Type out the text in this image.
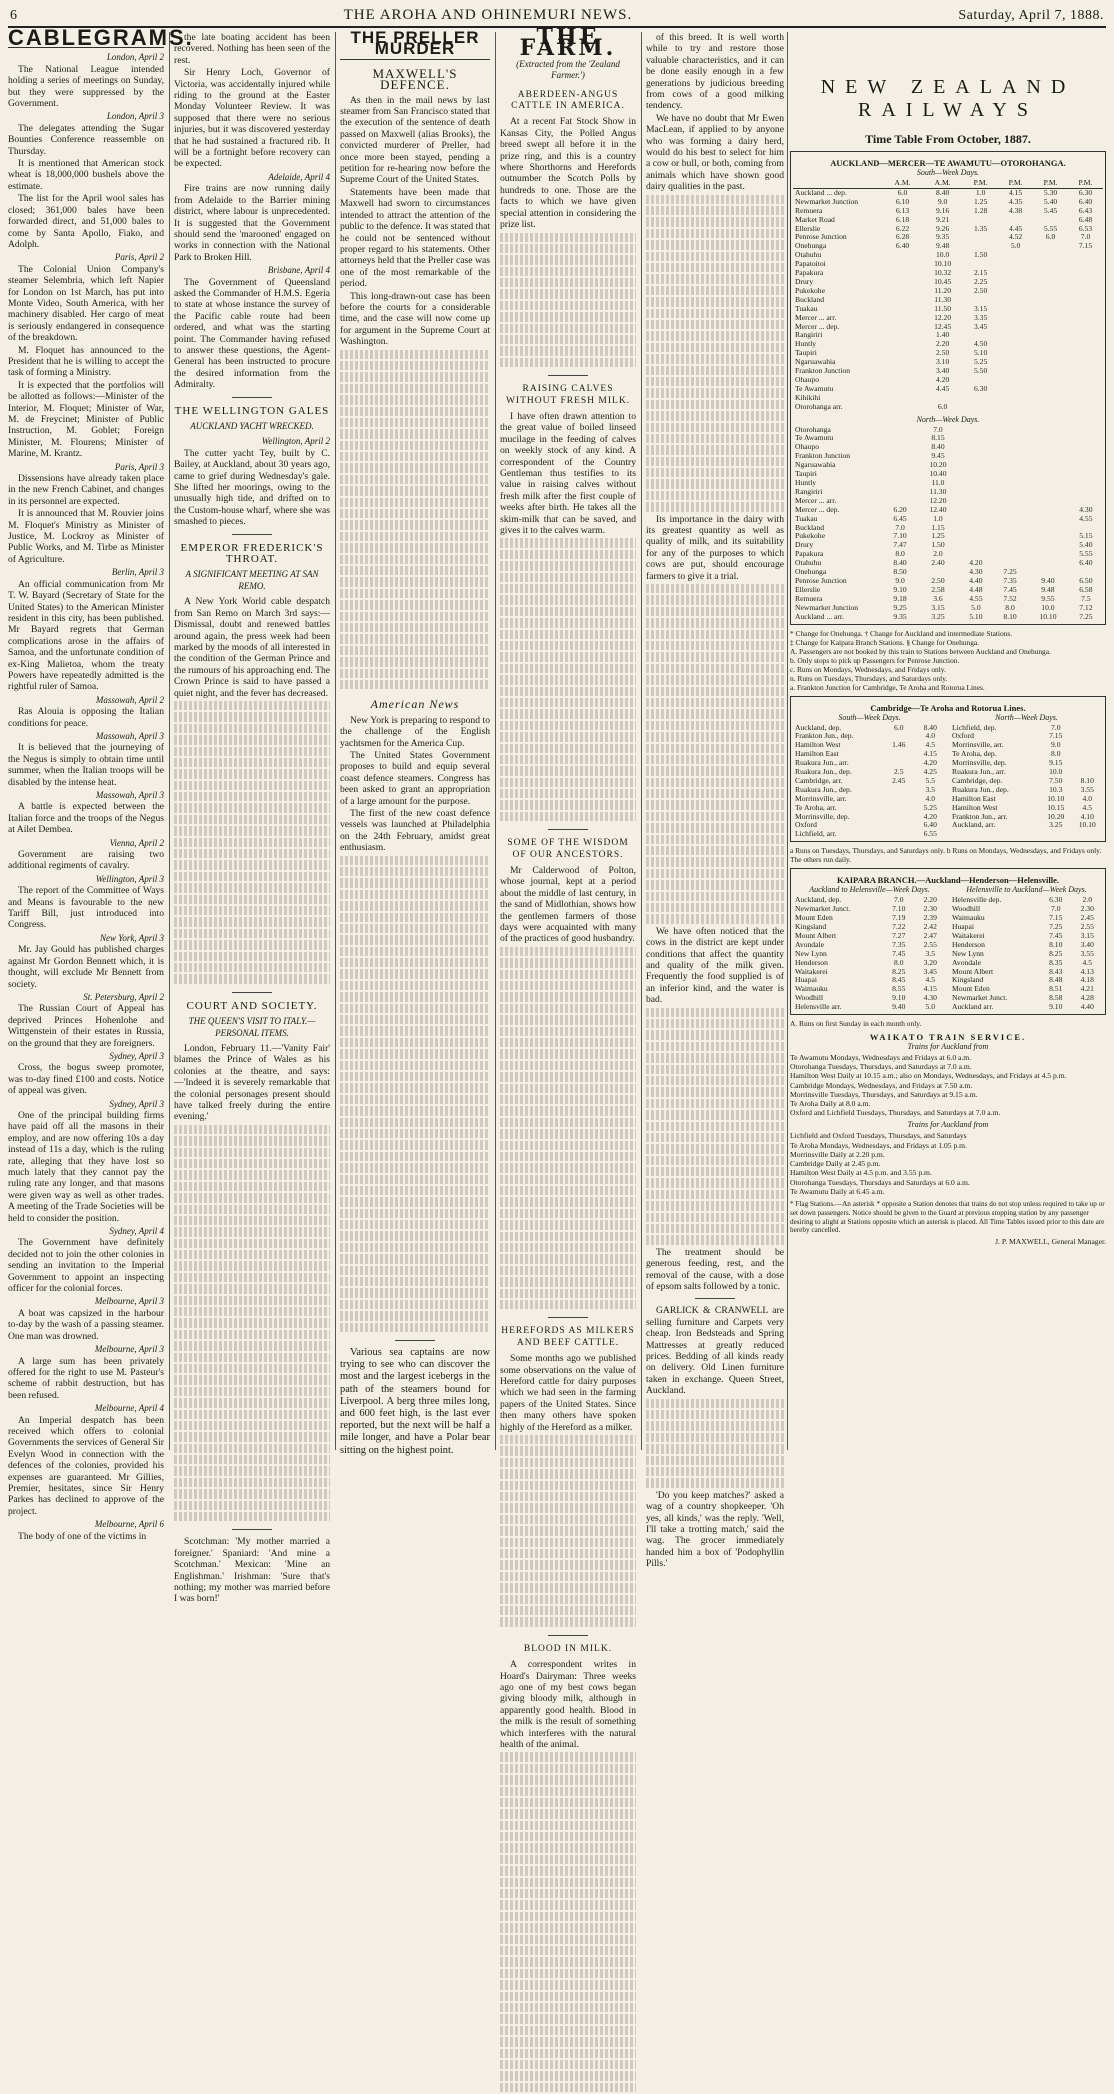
6	THE AROHA AND OHINEMURI NEWS.	Saturday, April 7, 1888.
CABLEGRAMS.

London, April 2

The National League intended holding a series of meetings on Sunday, but they were suppressed by the Government.

London, April 3

The delegates attending the Sugar Bounties Conference reassemble on Thursday.

It is mentioned that American stock wheat is 18,000,000 bushels above the estimate.

The list for the April wool sales has closed; 361,000 bales have been forwarded direct, and 51,000 bales to come by Santa Apollo, Fiako, and Adolph.

Paris, April 2

The Colonial Union Company's steamer Selembria, which left Napier for London on 1st March, has put into Monte Video, South America, with her machinery disabled. Her cargo of meat is seriously endangered in consequence of the breakdown.

M. Floquet has announced to the President that he is willing to accept the task of forming a Ministry.

It is expected that the portfolios will be allotted as follows:—Minister of the Interior, M. Floquet; Minister of War, M. de Freycinet; Minister of Public Instruction, M. Goblet; Foreign Minister, M. Flourens; Minister of Marine, M. Krantz.

Paris, April 3

Dissensions have already taken place in the new French Cabinet, and changes in its personnel are expected.

It is announced that M. Rouvier joins M. Floquet's Ministry as Minister of Justice, M. Lockroy as Minister of Public Works, and M. Tirbe as Minister of Agriculture.

Berlin, April 3

An official communication from Mr T. W. Bayard (Secretary of State for the United States) to the American Minister resident in this city, has been published. Mr Bayard regrets that German complications arose in the affairs of Samoa, and the unfortunate condition of ex-King Malietoa, whom the treaty Powers have repeatedly admitted is the rightful ruler of Samoa.

Massowah, April 2

Ras Alouia is opposing the Italian conditions for peace.

Massowah, April 3

It is believed that the journeying of the Negus is simply to obtain time until summer, when the Italian troops will be disabled by the intense heat.

Massowah, April 3

A battle is expected between the Italian force and the troops of the Negus at Ailet Dembea.

Vienna, April 2

Government are raising two additional regiments of cavalry.

Wellington, April 3

The report of the Committee of Ways and Means is favourable to the new Tariff Bill, just introduced into Congress.

New York, April 3

Mr. Jay Gould has published charges against Mr Gordon Bennett which, it is thought, will exclude Mr Bennett from society.

St. Petersburg, April 2

The Russian Court of Appeal has deprived Princes Hohenlohe and Wittgenstein of their estates in Russia, on the ground that they are foreigners.

Sydney, April 3

Cross, the bogus sweep promoter, was to-day fined £100 and costs. Notice of appeal was given.

Sydney, April 3

One of the principal building firms have paid off all the masons in their employ, and are now offering 10s a day instead of 11s a day, which is the ruling rate, alleging that they have lost so much lately that they cannot pay the ruling rate any longer, and that masons were given way as well as other trades. A meeting of the Trade Societies will be held to consider the position.

Sydney, April 4

The Government have definitely decided not to join the other colonies in sending an invitation to the Imperial Government to appoint an inspecting officer for the colonial forces.

Melbourne, April 3

A boat was capsized in the harbour to-day by the wash of a passing steamer. One man was drowned.

Melbourne, April 3

A large sum has been privately offered for the right to use M. Pasteur's scheme of rabbit destruction, but has been refused.

Melbourne, April 4

An Imperial despatch has been received which offers to colonial Governments the services of General Sir Evelyn Wood in connection with the defences of the colonies, provided his expenses are guaranteed. Mr Gillies, Premier, hesitates, since Sir Henry Parkes has declined to approve of the project.

Melbourne, April 6

The body of one of the victims in

the late boating accident has been recovered. Nothing has been seen of the rest.

Sir Henry Loch, Governor of Victoria, was accidentally injured while riding to the ground at the Easter Monday Volunteer Review. It was supposed that there were no serious injuries, but it was discovered yesterday that he had sustained a fractured rib. It will be a fortnight before recovery can be expected.

Adelaide, April 4

Fire trains are now running daily from Adelaide to the Barrier mining district, where labour is unprecedented. It is suggested that the Government should send the 'marooned' engaged on works in connection with the National Park to Broken Hill.

Brisbane, April 4

The Government of Queensland asked the Commander of H.M.S. Egeria to state at whose instance the survey of the Pacific cable route had been ordered, and what was the starting point. The Commander having refused to answer these questions, the Agent-General has been instructed to procure the desired information from the Admiralty.

THE WELLINGTON GALES
AUCKLAND YACHT WRECKED.

Wellington, April 2

The cutter yacht Tey, built by C. Bailey, at Auckland, about 30 years ago, came to grief during Wednesday's gale. She lifted her moorings, owing to the unusually high tide, and drifted on to the Custom-house wharf, where she was smashed to pieces.

EMPEROR FREDERICK'S THROAT.
A SIGNIFICANT MEETING AT SAN REMO.

A New York World cable despatch from San Remo on March 3rd says:—Dismissal, doubt and renewed battles around again, the press week had been marked by the moods of all interested in the condition of the German Prince and the rumours of his approaching end. The Crown Prince is said to have passed a quiet night, and the fever has decreased.

COURT AND SOCIETY.
THE QUEEN'S VISIT TO ITALY.—PERSONAL ITEMS.

London, February 11.—'Vanity Fair' blames the Prince of Wales as his colonies at the theatre, and says:—'Indeed it is severely remarkable that the colonial personages present should have talked freely during the entire evening.'

Scotchman: 'My mother married a foreigner.' Spaniard: 'And mine a Scotchman.' Mexican: 'Mine an Englishman.' Irishman: 'Sure that's nothing; my mother was married before I was born!'

THE PRELLER MURDER
MAXWELL'S DEFENCE.

As then in the mail news by last steamer from San Francisco stated that the execution of the sentence of death passed on Maxwell (alias Brooks), the convicted murderer of Preller, had once more been stayed, pending a petition for re-hearing now before the Supreme Court of the United States.

Statements have been made that Maxwell had sworn to circumstances intended to attract the attention of the public to the defence. It was stated that he could not be sentenced without proper regard to his statements. Other attorneys held that the Preller case was one of the most remarkable of the period.

This long-drawn-out case has been before the courts for a considerable time, and the case will now come up for argument in the Supreme Court at Washington.

American News

New York is preparing to respond to the challenge of the English yachtsmen for the America Cup.

The United States Government proposes to build and equip several coast defence steamers. Congress has been asked to grant an appropriation of a large amount for the purpose.

The first of the new coast defence vessels was launched at Philadelphia on the 24th February, amidst great enthusiasm.

Various sea captains are now trying to see who can discover the most and the largest icebergs in the path of the steamers bound for Liverpool. A berg three miles long, and 600 feet high, is the last ever reported, but the next will be half a mile longer, and have a Polar bear sitting on the highest point.

THE FARM.
(Extracted from the 'Zealand Farmer.')
ABERDEEN-ANGUS CATTLE IN AMERICA.

At a recent Fat Stock Show in Kansas City, the Polled Angus breed swept all before it in the prize ring, and this is a country where Shorthorns and Herefords outnumber the Scotch Polls by hundreds to one. Those are the facts to which we have given special attention in considering the prize list.

RAISING CALVES WITHOUT FRESH MILK.

I have often drawn attention to the great value of boiled linseed mucilage in the feeding of calves on weekly stock of any kind. A correspondent of the Country Gentleman thus testifies to its value in raising calves without fresh milk after the first couple of weeks after birth. He takes all the skim-milk that can be saved, and gives it to the calves warm.

SOME OF THE WISDOM OF OUR ANCESTORS.

Mr Calderwood of Polton, whose journal, kept at a period about the middle of last century, in the sand of Midlothian, shows how the gentlemen farmers of those days were acquainted with many of the practices of good husbandry.

HEREFORDS AS MILKERS AND BEEF CATTLE.

Some months ago we published some observations on the value of Hereford cattle for dairy purposes which we had seen in the farming papers of the United States. Since then many others have spoken highly of the Hereford as a milker.

BLOOD IN MILK.

A correspondent writes in Hoard's Dairyman: Three weeks ago one of my best cows began giving bloody milk, although in apparently good health. Blood in the milk is the result of something which interferes with the natural health of the animal.

of this breed. It is well worth while to try and restore those valuable characteristics, and it can be done easily enough in a few generations by judicious breeding from cows of a good milking tendency.

We have no doubt that Mr Ewen MacLean, if applied to by anyone who was forming a dairy herd, would do his best to select for him a cow or bull, or both, coming from animals which have shown good dairy qualities in the past.

Its importance in the dairy with its greatest quantity as well as quality of milk, and its suitability for any of the purposes to which cows are put, should encourage farmers to give it a trial.

We have often noticed that the cows in the district are kept under conditions that affect the quantity and quality of the milk given. Frequently the food supplied is of an inferior kind, and the water is bad.

The treatment should be generous feeding, rest, and the removal of the cause, with a dose of epsom salts followed by a tonic.

GARLICK & CRANWELL are selling furniture and Carpets very cheap. Iron Bedsteads and Spring Mattresses at greatly reduced prices. Bedding of all kinds ready on delivery. Old Linen furniture taken in exchange. Queen Street, Auckland.

'Do you keep matches?' asked a wag of a country shopkeeper. 'Oh yes, all kinds,' was the reply. 'Well, I'll take a trotting match,' said the wag. The grocer immediately handed him a box of 'Podophyllin Pills.'

NEW ZEALAND RAILWAYS
Time Table From October, 1887.
AUCKLAND—MERCER—TE AWAMUTU—OTOROHANGA.
South—Week Days.
	A.M.	A.M.	P.M.	P.M.	P.M.	P.M.
Auckland ... dep.	6.0	8.40	1.0	4.15	5.30	6.30
Newmarket Junction	6.10	9.0	1.25	4.35	5.40	6.40
Remuera	6.13	9.16	1.28	4.38	5.45	6.43
Market Road	6.18	9.21				6.48
Ellerslie	6.22	9.26	1.35	4.45	5.55	6.53
Penrose Junction	6.28	9.35		4.52	6.0	7.0
Onehunga	6.40	9.48		5.0		7.15
Otahuhu		10.0	1.50			
Papatoitoi		10.10				
Papakura		10.32	2.15			
Drury		10.45	2.25			
Pukekohe		11.20	2.50			
Buckland		11.30				
Tuakau		11.50	3.15			
Mercer ... arr.		12.20	3.35			
Mercer ... dep.		12.45	3.45			
Rangiriri		1.40				
Huntly		2.20	4.50			
Taupiri		2.50	5.10			
Ngaruawahia		3.10	5.25			
Frankton Junction		3.40	5.50			
Ohaupo		4.20				
Te Awamutu		4.45	6.30			
Kihikihi						
Otorohanga arr.		6.0				
North—Week Days.
Otorohanga		7.0				
Te Awamutu		8.15				
Ohaupo		8.40				
Frankton Junction		9.45				
Ngaruawahia		10.20				
Taupiri		10.40				
Huntly		11.0				
Rangiriri		11.30				
Mercer ... arr.		12.20				
Mercer ... dep.	6.20	12.40				4.30
Tuakau	6.45	1.0				4.55
Buckland	7.0	1.15				
Pukekohe	7.10	1.25				5.15
Drury	7.47	1.50				5.40
Papakura	8.0	2.0				5.55
Otahuhu	8.40	2.40	4.20			6.40
Onehunga	8.50		4.30	7.25		
Penrose Junction	9.0	2.50	4.40	7.35	9.40	6.50
Ellerslie	9.10	2.58	4.48	7.45	9.48	6.58
Remuera	9.18	3.6	4.55	7.52	9.55	7.5
Newmarket Junction	9.25	3.15	5.0	8.0	10.0	7.12
Auckland ... arr.	9.35	3.25	5.10	8.10	10.10	7.25
* Change for Onehunga. † Change for Auckland and intermediate Stations.
‡ Change for Kaipara Branch Stations. § Change for Onehunga.
A. Passengers are not booked by this train to Stations between Auckland and Onehunga.
b. Only stops to pick up Passengers for Penrose Junction.
c. Runs on Mondays, Wednesdays, and Fridays only.
n. Runs on Tuesdays, Thursdays, and Saturdays only.
a. Frankton Junction for Cambridge, Te Aroha and Rotorua Lines.
Cambridge—Te Aroha and Rotorua Lines.
South—Week Days.
Auckland, dep.	6.0	8.40
Frankton Jun., dep.		4.0
Hamilton West	1.46	4.5
Hamilton East		4.15
Ruakura Jun., arr.		4.20
Ruakura Jun., dep.	2.5	4.25
Cambridge, arr.	2.45	5.5
Ruakura Jun., dep.		3.5
Morrinsville, arr.		4.0
Te Aroha, arr.		5.25
Morrinsville, dep.		4.20
Oxford		6.40
Lichfield, arr.		6.55
North—Week Days.
Lichfield, dep.	7.0	
Oxford	7.15	
Morrinsville, arr.	9.0	
Te Aroha, dep.	8.0	
Morrinsville, dep.	9.15	
Ruakura Jun., arr.	10.0	
Cambridge, dep.	7.50	8.10
Ruakura Jun., dep.	10.3	3.55
Hamilton East	10.10	4.0
Hamilton West	10.15	4.5
Frankton Jun., arr.	10.20	4.10
Auckland, arr.	3.25	10.10
a Runs on Tuesdays, Thursdays, and Saturdays only. b Runs on Mondays, Wednesdays, and Fridays only. The others run daily.
KAIPARA BRANCH.—Auckland—Henderson—Helensville.
Auckland to Helensville—Week Days.
Auckland, dep.	7.0	2.20
Newmarket Junct.	7.10	2.30
Mount Eden	7.19	2.39
Kingsland	7.22	2.42
Mount Albert	7.27	2.47
Avondale	7.35	2.55
New Lynn	7.45	3.5
Henderson	8.0	3.20
Waitakerei	8.25	3.45
Huapai	8.45	4.5
Waimauku	8.55	4.15
Woodhill	9.10	4.30
Helensville arr.	9.40	5.0
Helensville to Auckland—Week Days.
Helensville dep.	6.30	2.0
Woodhill	7.0	2.30
Waimauku	7.15	2.45
Huapai	7.25	2.55
Waitakerei	7.45	3.15
Henderson	8.10	3.40
New Lynn	8.25	3.55
Avondale	8.35	4.5
Mount Albert	8.43	4.13
Kingsland	8.48	4.18
Mount Eden	8.51	4.21
Newmarket Junct.	8.58	4.28
Auckland arr.	9.10	4.40
A. Runs on first Sunday in each month only.
WAIKATO TRAIN SERVICE.
Trains for Auckland from
Te Awamutu Mondays, Wednesdays and Fridays at 6.0 a.m.
Otorohanga Tuesdays, Thursdays, and Saturdays at 7.0 a.m.
Hamilton West Daily at 10.15 a.m.; also on Mondays, Wednesdays, and Fridays at 4.5 p.m.
Cambridge Mondays, Wednesdays, and Fridays at 7.50 a.m.
Morrinsville Tuesdays, Thursdays, and Saturdays at 9.15 a.m.
Te Aroha Daily at 8.0 a.m.
Oxford and Lichfield Tuesdays, Thursdays, and Saturdays at 7.0 a.m.
Trains for Auckland from
Lichfield and Oxford Tuesdays, Thursdays, and Saturdays
Te Aroha Mondays, Wednesdays, and Fridays at 1.05 p.m.
Morrinsville Daily at 2.20 p.m.
Cambridge Daily at 2.45 p.m.
Hamilton West Daily at 4.5 p.m. and 3.55 p.m.
Otorohanga Tuesdays, Thursdays and Saturdays at 6.0 a.m.
Te Awamutu Daily at 6.45 a.m.
* Flag Stations.—An asterisk * opposite a Station denotes that trains do not stop unless required to take up or set down passengers. Notice should be given to the Guard at previous stopping station by any passenger desiring to alight at Stations opposite which an asterisk is placed. All Time Tables issued prior to this date are hereby cancelled.
J. P. MAXWELL, General Manager.
